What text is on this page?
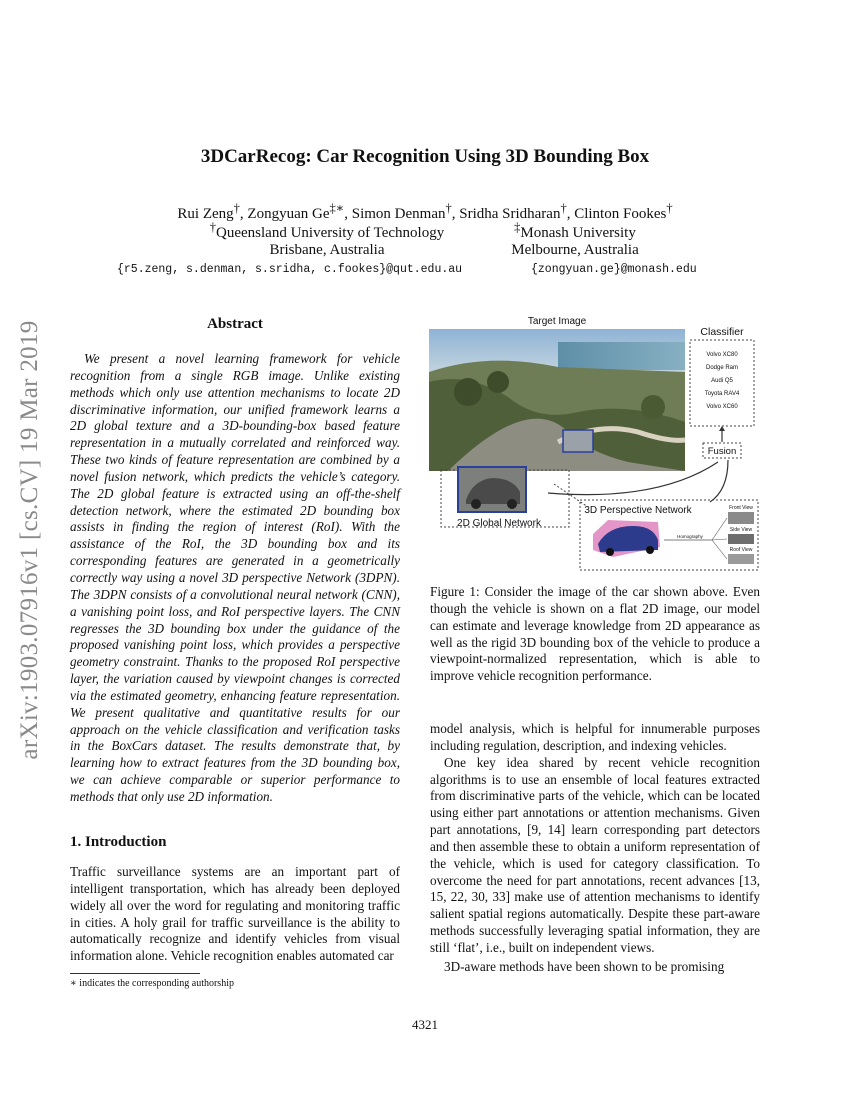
arXiv:1903.07916v1 [cs.CV] 19 Mar 2019
3DCarRecog: Car Recognition Using 3D Bounding Box
Rui Zeng†, Zongyuan Ge‡∗, Simon Denman†, Sridha Sridharan†, Clinton Fookes†
†Queensland University of Technology
Brisbane, Australia
‡Monash University
Melbourne, Australia
{r5.zeng, s.denman, s.sridha, c.fookes}@qut.edu.au	{zongyuan.ge}@monash.edu
Abstract
We present a novel learning framework for vehicle recognition from a single RGB image. Unlike existing methods which only use attention mechanisms to locate 2D discriminative information, our unified framework learns a 2D global texture and a 3D-bounding-box based feature representation in a mutually correlated and reinforced way. These two kinds of feature representation are combined by a novel fusion network, which predicts the vehicle’s category. The 2D global feature is extracted using an off-the-shelf detection network, where the estimated 2D bounding box assists in finding the region of interest (RoI). With the assistance of the RoI, the 3D bounding box and its corresponding features are generated in a geometrically correctly way using a novel 3D perspective Network (3DPN). The 3DPN consists of a convolutional neural network (CNN), a vanishing point loss, and RoI perspective layers. The CNN regresses the 3D bounding box under the guidance of the proposed vanishing point loss, which provides a perspective geometry constraint. Thanks to the proposed RoI perspective layer, the variation caused by viewpoint changes is corrected via the estimated geometry, enhancing feature representation. We present qualitative and quantitative results for our approach on the vehicle classification and verification tasks in the BoxCars dataset. The results demonstrate that, by learning how to extract features from the 3D bounding box, we can achieve comparable or superior performance to methods that only use 2D information.
1. Introduction
Traffic surveillance systems are an important part of intelligent transportation, which has already been deployed widely all over the word for regulating and monitoring traffic in cities. A holy grail for traffic surveillance is the ability to automatically recognize and identify vehicles from visual information alone. Vehicle recognition enables automated car
∗ indicates the corresponding authorship
Target Image
Classifier
Volvo XC80
Dodge Ram
Audi Q5
Toyota RAV4
Volvo XC60
Fusion
2D Global Network
3D Perspective Network
Homography
Front View
Side View
Roof View
Figure 1: Consider the image of the car shown above. Even though the vehicle is shown on a flat 2D image, our model can estimate and leverage knowledge from 2D appearance as well as the rigid 3D bounding box of the vehicle to produce a viewpoint-normalized representation, which is able to improve vehicle recognition performance.

model analysis, which is helpful for innumerable purposes including regulation, description, and indexing vehicles.

One key idea shared by recent vehicle recognition algorithms is to use an ensemble of local features extracted from discriminative parts of the vehicle, which can be located using either part annotations or attention mechanisms. Given part annotations, [9, 14] learn corresponding part detectors and then assemble these to obtain a uniform representation of the vehicle, which is used for category classification. To overcome the need for part annotations, recent advances [13, 15, 22, 30, 33] make use of attention mechanisms to identify salient spatial regions automatically. Despite these part-aware methods successfully leveraging spatial information, they are still ‘flat’, i.e., built on independent views.

3D-aware methods have been shown to be promising

4321
